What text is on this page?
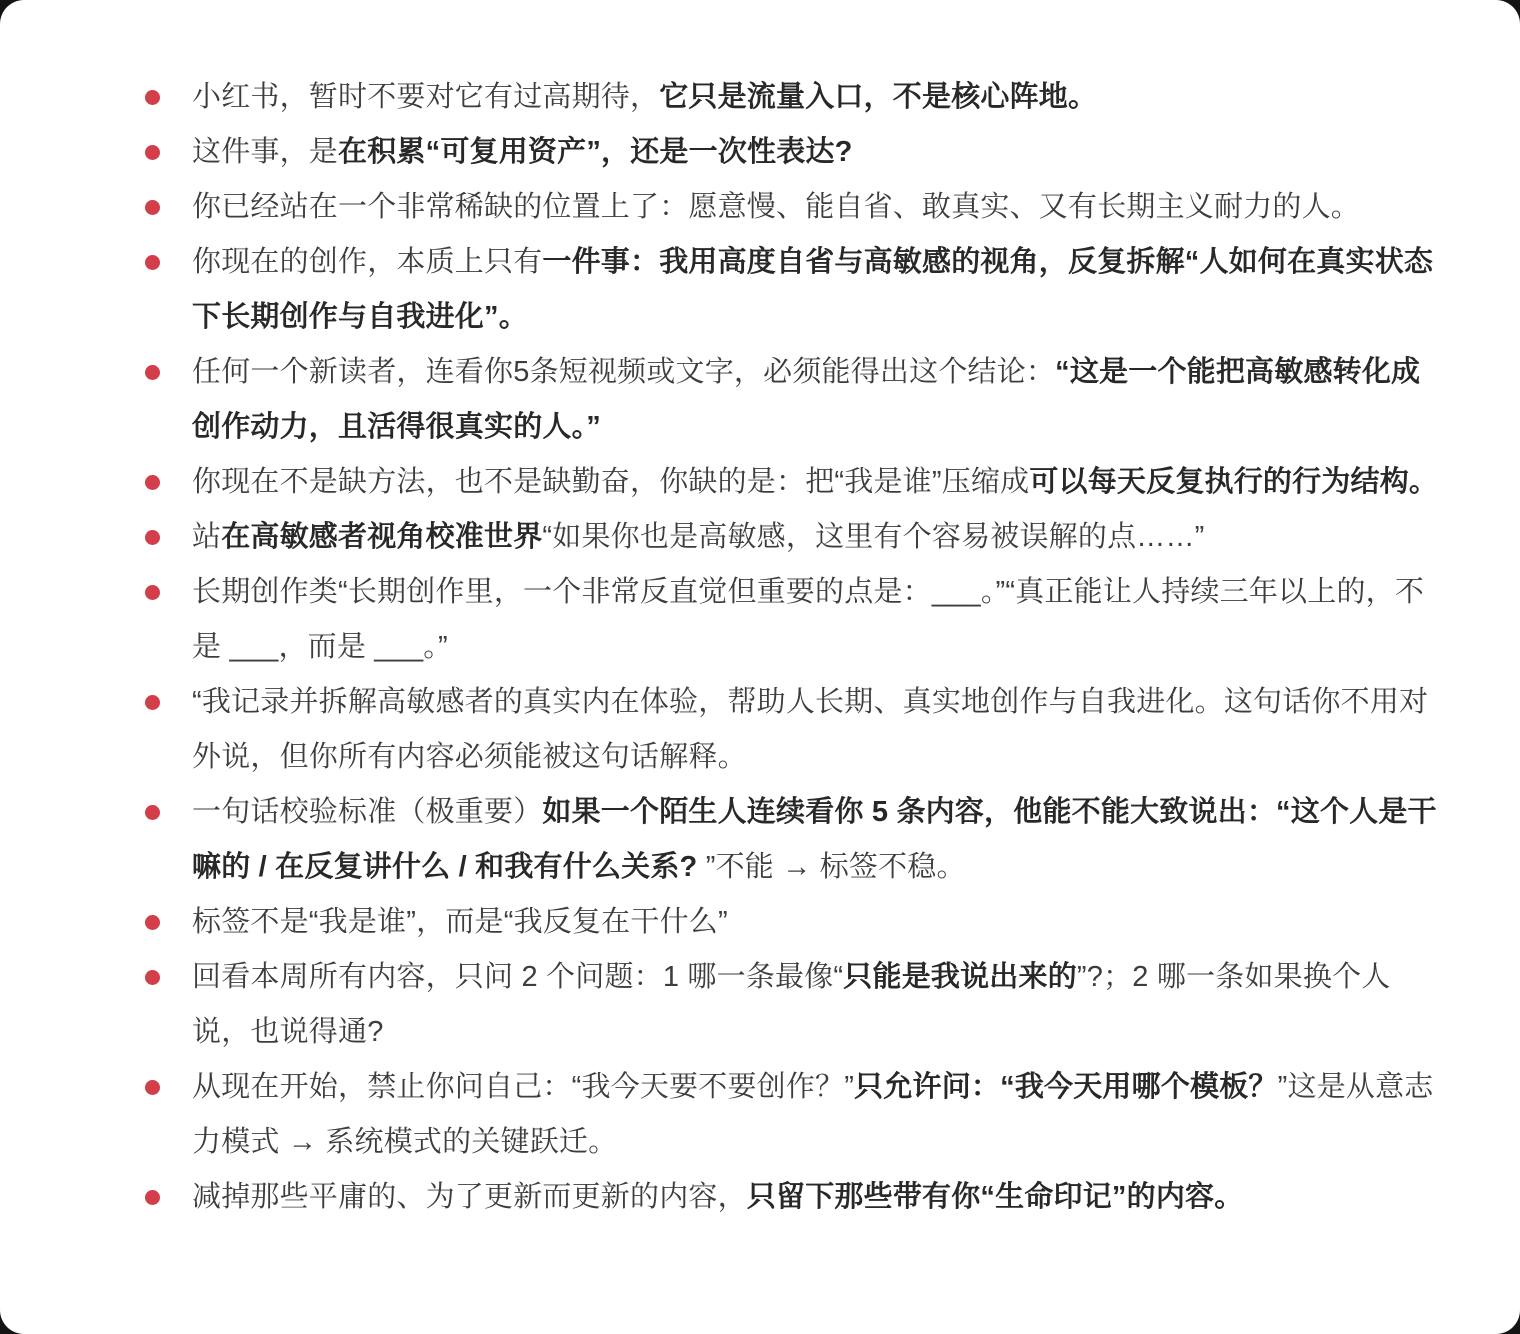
小红书，暂时不要对它有过高期待，它只是流量入口，不是核心阵地。
这件事，是在积累“可复用资产”，还是一次性表达?
你已经站在一个非常稀缺的位置上了：愿意慢、能自省、敢真实、又有长期主义耐力的人。
你现在的创作，本质上只有一件事：我用高度自省与高敏感的视角，反复拆解“人如何在真实状态下长期创作与自我进化”。
任何一个新读者，连看你5条短视频或文字，必须能得出这个结论：“这是一个能把高敏感转化成创作动力，且活得很真实的人。”
你现在不是缺方法，也不是缺勤奋，你缺的是：把“我是谁”压缩成可以每天反复执行的行为结构。
站在高敏感者视角校准世界“如果你也是高敏感，这里有个容易被误解的点……”
长期创作类“长期创作里，一个非常反直觉但重要的点是：___。”“真正能让人持续三年以上的，不是 ___，而是 ___。”
“我记录并拆解高敏感者的真实内在体验，帮助人长期、真实地创作与自我进化。这句话你不用对外说，但你所有内容必须能被这句话解释。
一句话校验标准（极重要）如果一个陌生人连续看你 5 条内容，他能不能大致说出：“这个人是干嘛的 / 在反复讲什么 / 和我有什么关系? ”不能 → 标签不稳。
标签不是“我是谁”，而是“我反复在干什么”
回看本周所有内容，只问 2 个问题：1 哪一条最像“只能是我说出来的”?；2 哪一条如果换个人说，也说得通?
从现在开始，禁止你问自己：“我今天要不要创作？”只允许问：“我今天用哪个模板？”这是从意志力模式 → 系统模式的关键跃迁。
减掉那些平庸的、为了更新而更新的内容，只留下那些带有你“生命印记”的内容。
